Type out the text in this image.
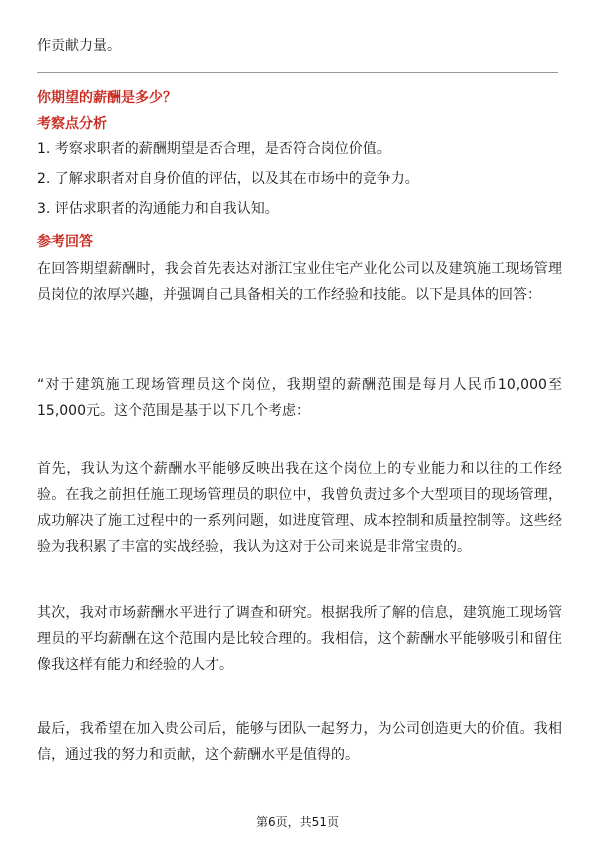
作贡献力量。
你期望的薪酬是多少？
考察点分析
1. 考察求职者的薪酬期望是否合理，是否符合岗位价值。
2. 了解求职者对自身价值的评估，以及其在市场中的竞争力。
3. 评估求职者的沟通能力和自我认知。
参考回答
在回答期望薪酬时，我会首先表达对浙江宝业住宅产业化公司以及建筑施工现场管理员岗位的浓厚兴趣，并强调自己具备相关的工作经验和技能。以下是具体的回答：
“对于建筑施工现场管理员这个岗位，我期望的薪酬范围是每月人民币10,000至15,000元。这个范围是基于以下几个考虑：
首先，我认为这个薪酬水平能够反映出我在这个岗位上的专业能力和以往的工作经验。在我之前担任施工现场管理员的职位中，我曾负责过多个大型项目的现场管理，成功解决了施工过程中的一系列问题，如进度管理、成本控制和质量控制等。这些经验为我积累了丰富的实战经验，我认为这对于公司来说是非常宝贵的。
其次，我对市场薪酬水平进行了调查和研究。根据我所了解的信息，建筑施工现场管理员的平均薪酬在这个范围内是比较合理的。我相信，这个薪酬水平能够吸引和留住像我这样有能力和经验的人才。
最后，我希望在加入贵公司后，能够与团队一起努力，为公司创造更大的价值。我相信，通过我的努力和贡献，这个薪酬水平是值得的。
第6页，共51页
